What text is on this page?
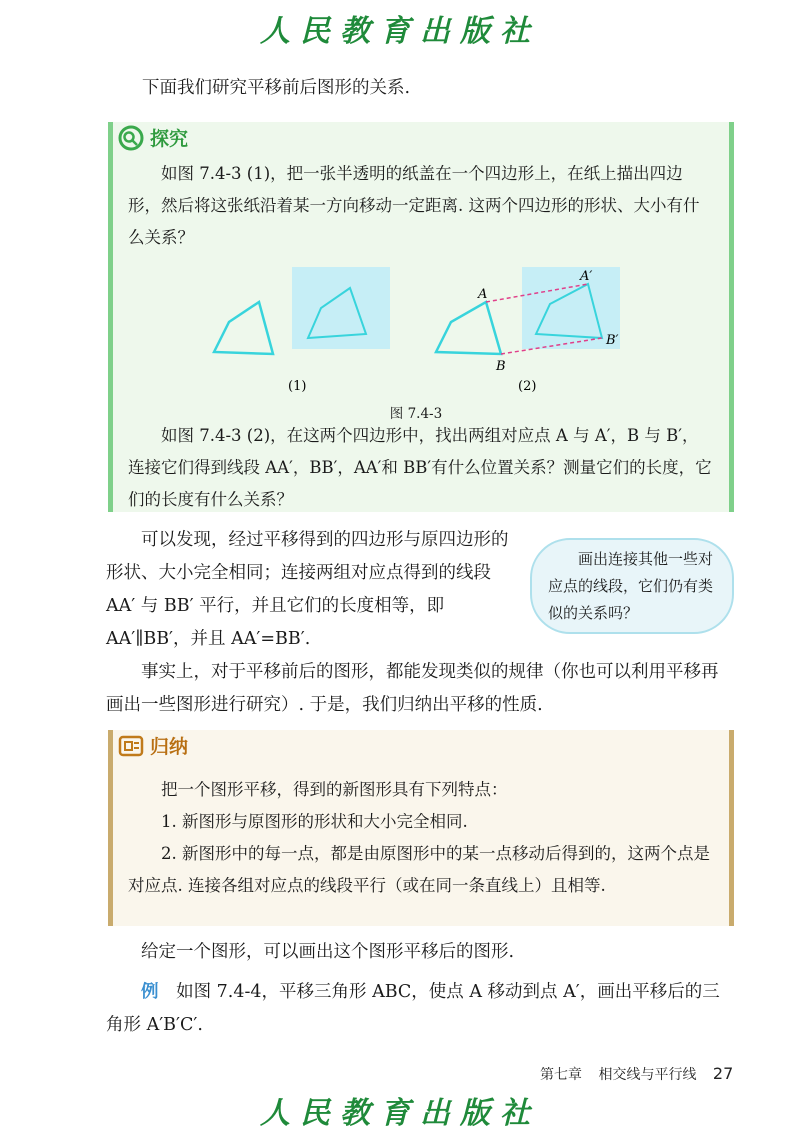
人民教育出版社
下面我们研究平移前后图形的关系.
探究
如图 7.4-3 (1)，把一张半透明的纸盖在一个四边形上，在纸上描出四边形，然后将这张纸沿着某一方向移动一定距离. 这两个四边形的形状、大小有什么关系？
A
B
A′
B′
(1)	(2)
图 7.4-3
如图 7.4-3 (2)，在这两个四边形中，找出两组对应点 A 与 A′，B 与 B′，连接它们得到线段 AA′，BB′，AA′和 BB′有什么位置关系？测量它们的长度，它们的长度有什么关系？
可以发现，经过平移得到的四边形与原四边形的形状、大小完全相同；连接两组对应点得到的线段 AA′ 与 BB′ 平行，并且它们的长度相等，即 AA′∥BB′，并且 AA′=BB′.
画出连接其他一些对应点的线段，它们仍有类似的关系吗？
事实上，对于平移前后的图形，都能发现类似的规律（你也可以利用平移再画出一些图形进行研究）. 于是，我们归纳出平移的性质.
归纳
把一个图形平移，得到的新图形具有下列特点：
1. 新图形与原图形的形状和大小完全相同.
2. 新图形中的每一点，都是由原图形中的某一点移动后得到的，这两个点是对应点. 连接各组对应点的线段平行（或在同一条直线上）且相等.
给定一个图形，可以画出这个图形平移后的图形.
例 如图 7.4-4，平移三角形 ABC，使点 A 移动到点 A′，画出平移后的三角形 A′B′C′.
第七章 相交线与平行线 27
人民教育出版社
